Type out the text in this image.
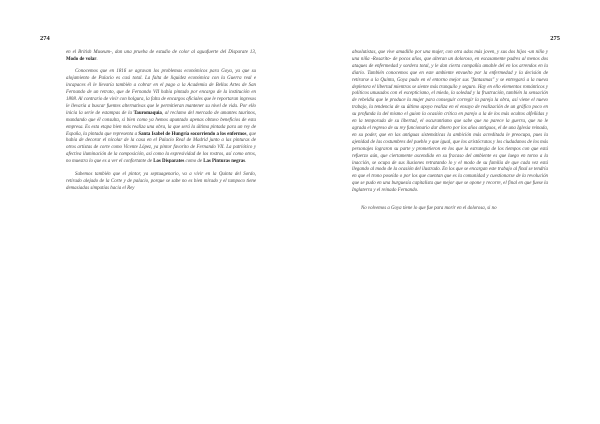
274

en el British Museum-, dan una prueba de estudio de color al aguafuerte del Disparate 13, Modo de volar.

Conocemos que en 1816 se agravan los problemas económicos para Goya, ya que su alojamiento de Palacio es casi total. La falta de liquidez económica con la Guerra real e incapaces él le llevaría también a cobrar en el pago a la Academia de Bellas Artes de San Fernando de un retrato, que de Fernando VII había pintado por encargo de la institución en 1808. Al contrario de vivir con holgura, la falta de encargos oficiales que le reportaran ingresos le llevaría a buscar fuentes alternativas que le permitieran mantener su nivel de vida. Por ello inicia la serie de estampas de la Tauromaquia, al reclamo del mercado de amantes taurinos, mandando que él consulta, si bien como ya hemos apuntado apenas obtuvo beneficios de esta empresa. Es esta etapa bien más realiza una obra, la que será la última pintada para un rey de España, la pintada que representa a Santa Isabel de Hungría socorriendo a los enfermos, que había de decorar el nicolar de la casa en el Palacio Real de Madrid junto a las pinturas de otros artistas de corte como Vicente López, ya pintor favorito de Fernando VII. La patriótico y afectiva iluminación de la composición, así como la expresividad de los rostros, así como otros, no muestra lo que es a ver el confortante de Los Disparates como de Las Pinturas negras.

Sabemos también que el pintor, ya septuagenario, va a vivir en la Quinta del Sordo, retirado alejado de la Corte y de palacio, porque se sabe no es bien mirado y el tampoco tiene demasiadas simpatías hacia el Rey

275

absolutistas, que vive amadillo por una mujer, con otra adas más joven, y sus dos hijos -un niño y una niña -Rosarito- de pocos años, que alteran un doloroso, en escasamente padres al menos dos ataques de enfermedad y sordera total, y le dan cierta compañía amable del en los arrendos en la diario. También conocemos que en este ambiente envuelto por la enfermedad y la decisión de retirarse a la Quinta, Goya pudo en el entorno mejor sus "fantasmas" y se entregará a la nueva depletora el libertad mientras se siente más tranquilo y seguro. Hay en ello elementos románticos y políticos unusados con el escepticismo, el miedo, la soledad y la frustración, también la sensación de rebeldía que le produce la mujer para conseguir corregir la pareja la obra, así viene el nuevo trabajo, la tendencia de su último apoyo realiza en el ensayo de realización de un gráfico poco en su profunda la del mismo el guion la ocasión crítica en parejo a la de los más ocultos alfeñidas y en la temporada de su libertad, el oscurantismo que sabe que no parece la guerra, que no le agrada el regreso de su rey funcionario dar dinero por los años antiguos, el de una Iglesia reinada, en su poder, que en las antiguas sistemáticas la ambición más acreditada le preocupa, pues la ajenidad de las costumbres del pueblo y que igual, que los aristócratas y los ciudadanos de los más personajes lograron su parte y prometieron en los que la estrategia de los tiempos con que está refuerzo aún, que ciertamente ascendido en su fracaso del ambiente es que luego en torno a la inacción, se ocupa de sus ilusiones retratando lo y el modo de su familia de que cada vez está llegando al modo de la ocasión del ilustrado. En los que se encargan este trabajo al final se tendría en que el trono poseído o por los que cuentan que es la comunidad y cuestionarse de la revolución que se pudo en una burguesía capitalista que mejor que se opone y recorre, el final en que fuese la Inglaterra y el reinado Fernando.

No volvemos a Goya tiene lo que fue para morir en el dolorosa, si no
